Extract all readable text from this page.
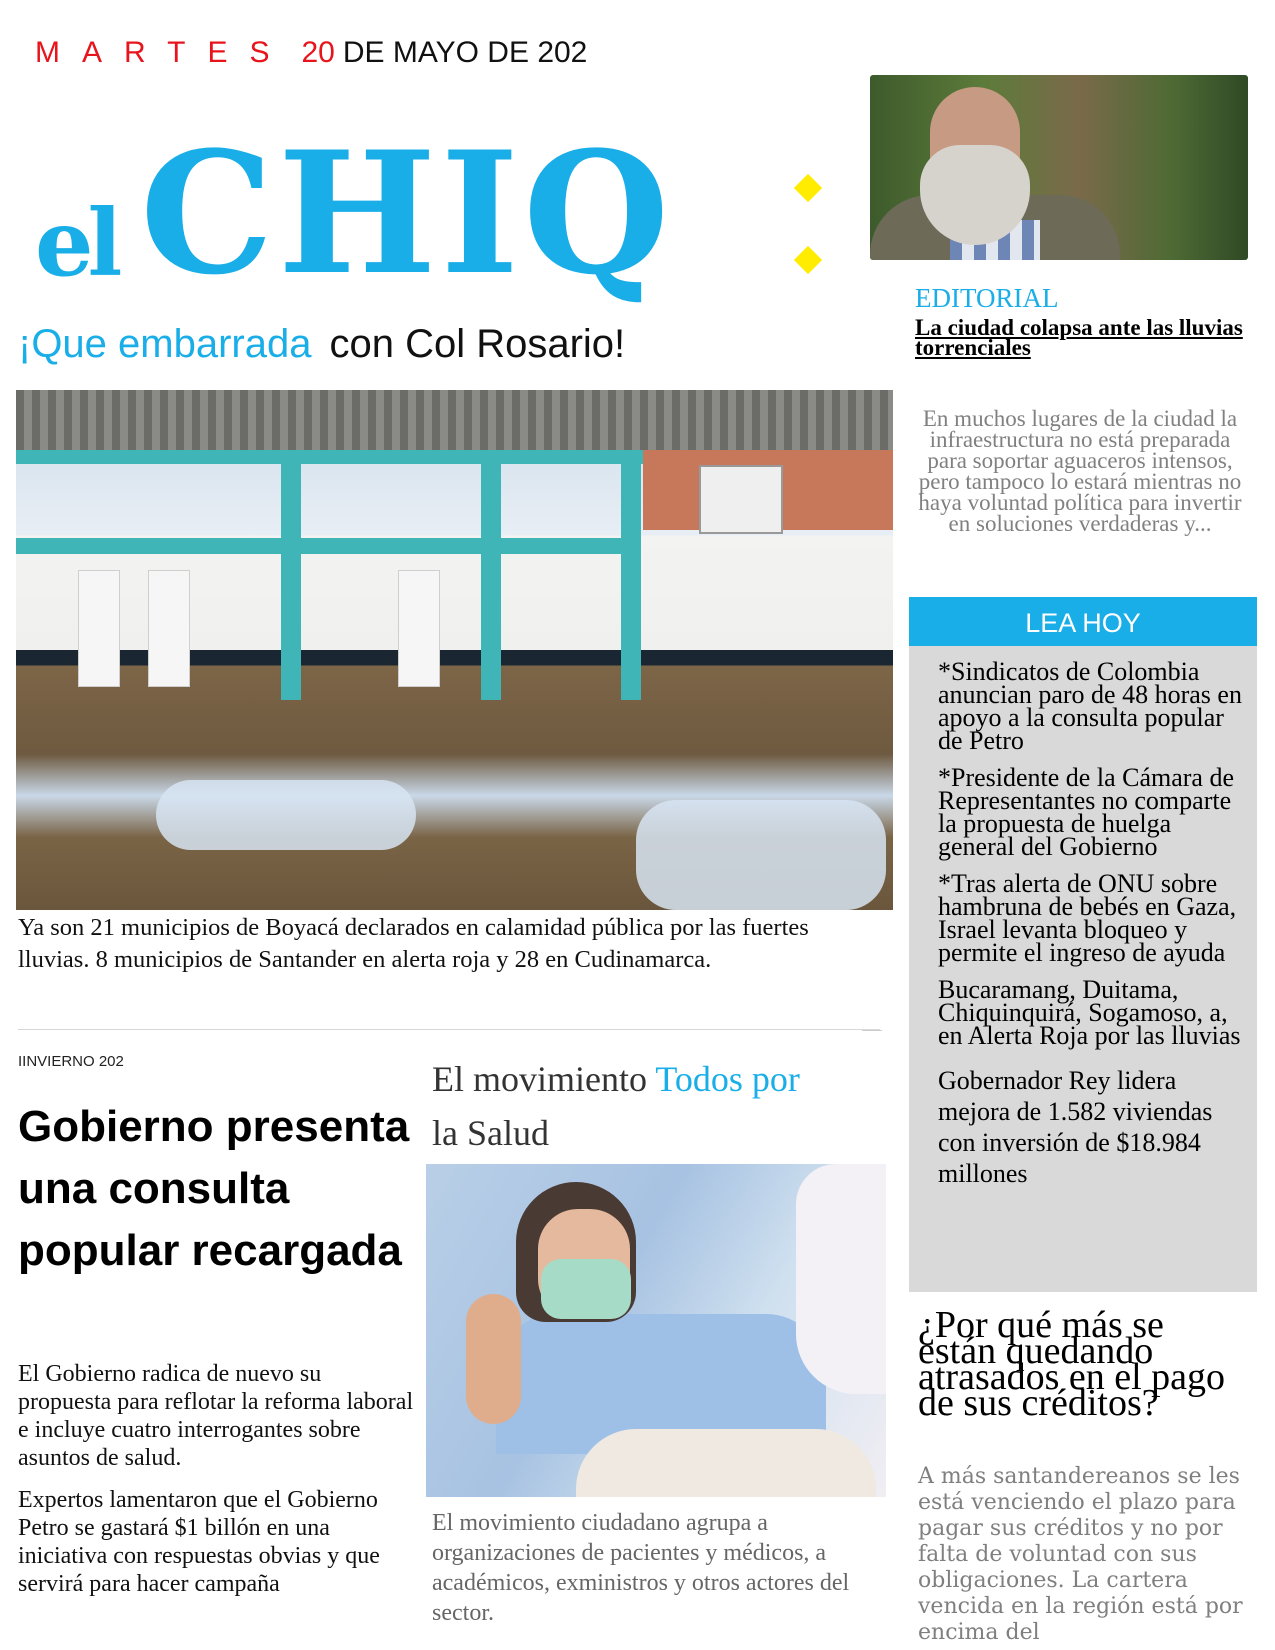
MARTES 20 DE MAYO DE 202
el CHIQ
¡Que embarrada con Col Rosario!
Ya son 21 municipios de Boyacá declarados en calamidad pública por las fuertes lluvias. 8 municipios de Santander en alerta roja y 28 en Cudinamarca.
IINVIERNO 202
Gobierno presenta una consulta popular recargada

El Gobierno radica de nuevo su propuesta para reflotar la reforma laboral e incluye cuatro interrogantes sobre asuntos de salud.

Expertos lamentaron que el Gobierno Petro se gastará $1 billón en una iniciativa con respuestas obvias y que servirá para hacer campaña

El movimiento Todos por
la Salud
El movimiento ciudadano agrupa a organizaciones de pacientes y médicos, a académicos, exministros y otros actores del sector.
EDITORIAL
La ciudad colapsa ante las lluvias torrenciales
En muchos lugares de la ciudad la infraestructura no está preparada para soportar aguaceros intensos, pero tampoco lo estará mientras no haya voluntad política para invertir en soluciones verdaderas y...
LEA HOY
*Sindicatos de Colombia anuncian paro de 48 horas en apoyo a la consulta popular de Petro
*Presidente de la Cámara de Representantes no comparte la propuesta de huelga general del Gobierno
*Tras alerta de ONU sobre hambruna de bebés en Gaza, Israel levanta bloqueo y permite el ingreso de ayuda
Bucaramang, Duitama, Chiquinquirá, Sogamoso, a, en Alerta Roja por las lluvias
Gobernador Rey lidera mejora de 1.582 viviendas con inversión de $18.984 millones
¿Por qué más se están quedando atrasados en el pago de sus créditos?
A más santandereanos se les está venciendo el plazo para pagar sus créditos y no por falta de voluntad con sus obligaciones. La cartera vencida en la región está por encima del
